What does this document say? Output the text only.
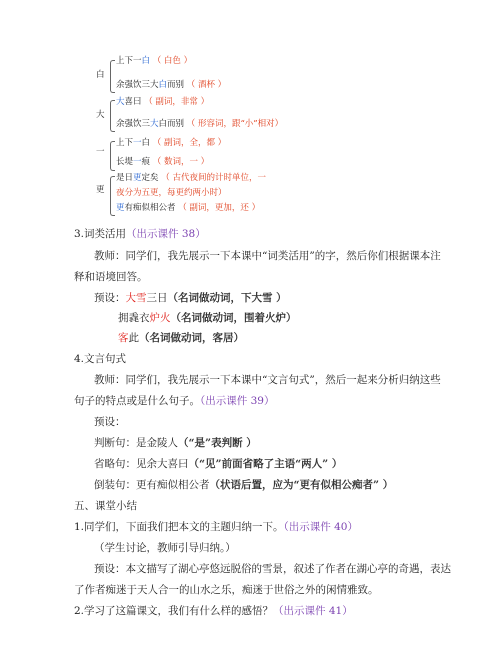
白
上下一白 （ 白色 ）
余强饮三大白而别 （ 酒杯 ）
大
大喜曰 （ 副词，非常 ）
余强饮三大白而别 （ 形容词，跟“小”相对）
一
上下一白 （ 副词，全，都 ）
长堤一痕 （ 数词，一 ）
更
是日更定矣 （ 古代夜间的计时单位，一
夜分为五更，每更约两小时）
更有痴似相公者 （ 副词，更加，还 ）
3.词类活用（出示课件 38）
教师：同学们，我先展示一下本课中“词类活用”的字，然后你们根据课本注
释和语境回答。
预设：大雪三日（名词做动词，下大雪 ）
拥毳衣炉火（名词做动词，围着火炉）
客此（名词做动词，客居）
4.文言句式
教师：同学们，我先展示一下本课中“文言句式”，然后一起来分析归纳这些
句子的特点或是什么句子。（出示课件 39）
预设：
判断句：是金陵人（“是”表判断 ）
省略句：见余大喜曰（“见”前面省略了主语“两人” ）
倒装句：更有痴似相公者（状语后置，应为“更有似相公痴者” ）
五、课堂小结
1.同学们，下面我们把本文的主题归纳一下。（出示课件 40）
（学生讨论，教师引导归纳。）
预设：本文描写了湖心亭悠远脱俗的雪景，叙述了作者在湖心亭的奇遇，表达
了作者痴迷于天人合一的山水之乐，痴迷于世俗之外的闲情雅致。
2.学习了这篇课文，我们有什么样的感悟？（出示课件 41）
